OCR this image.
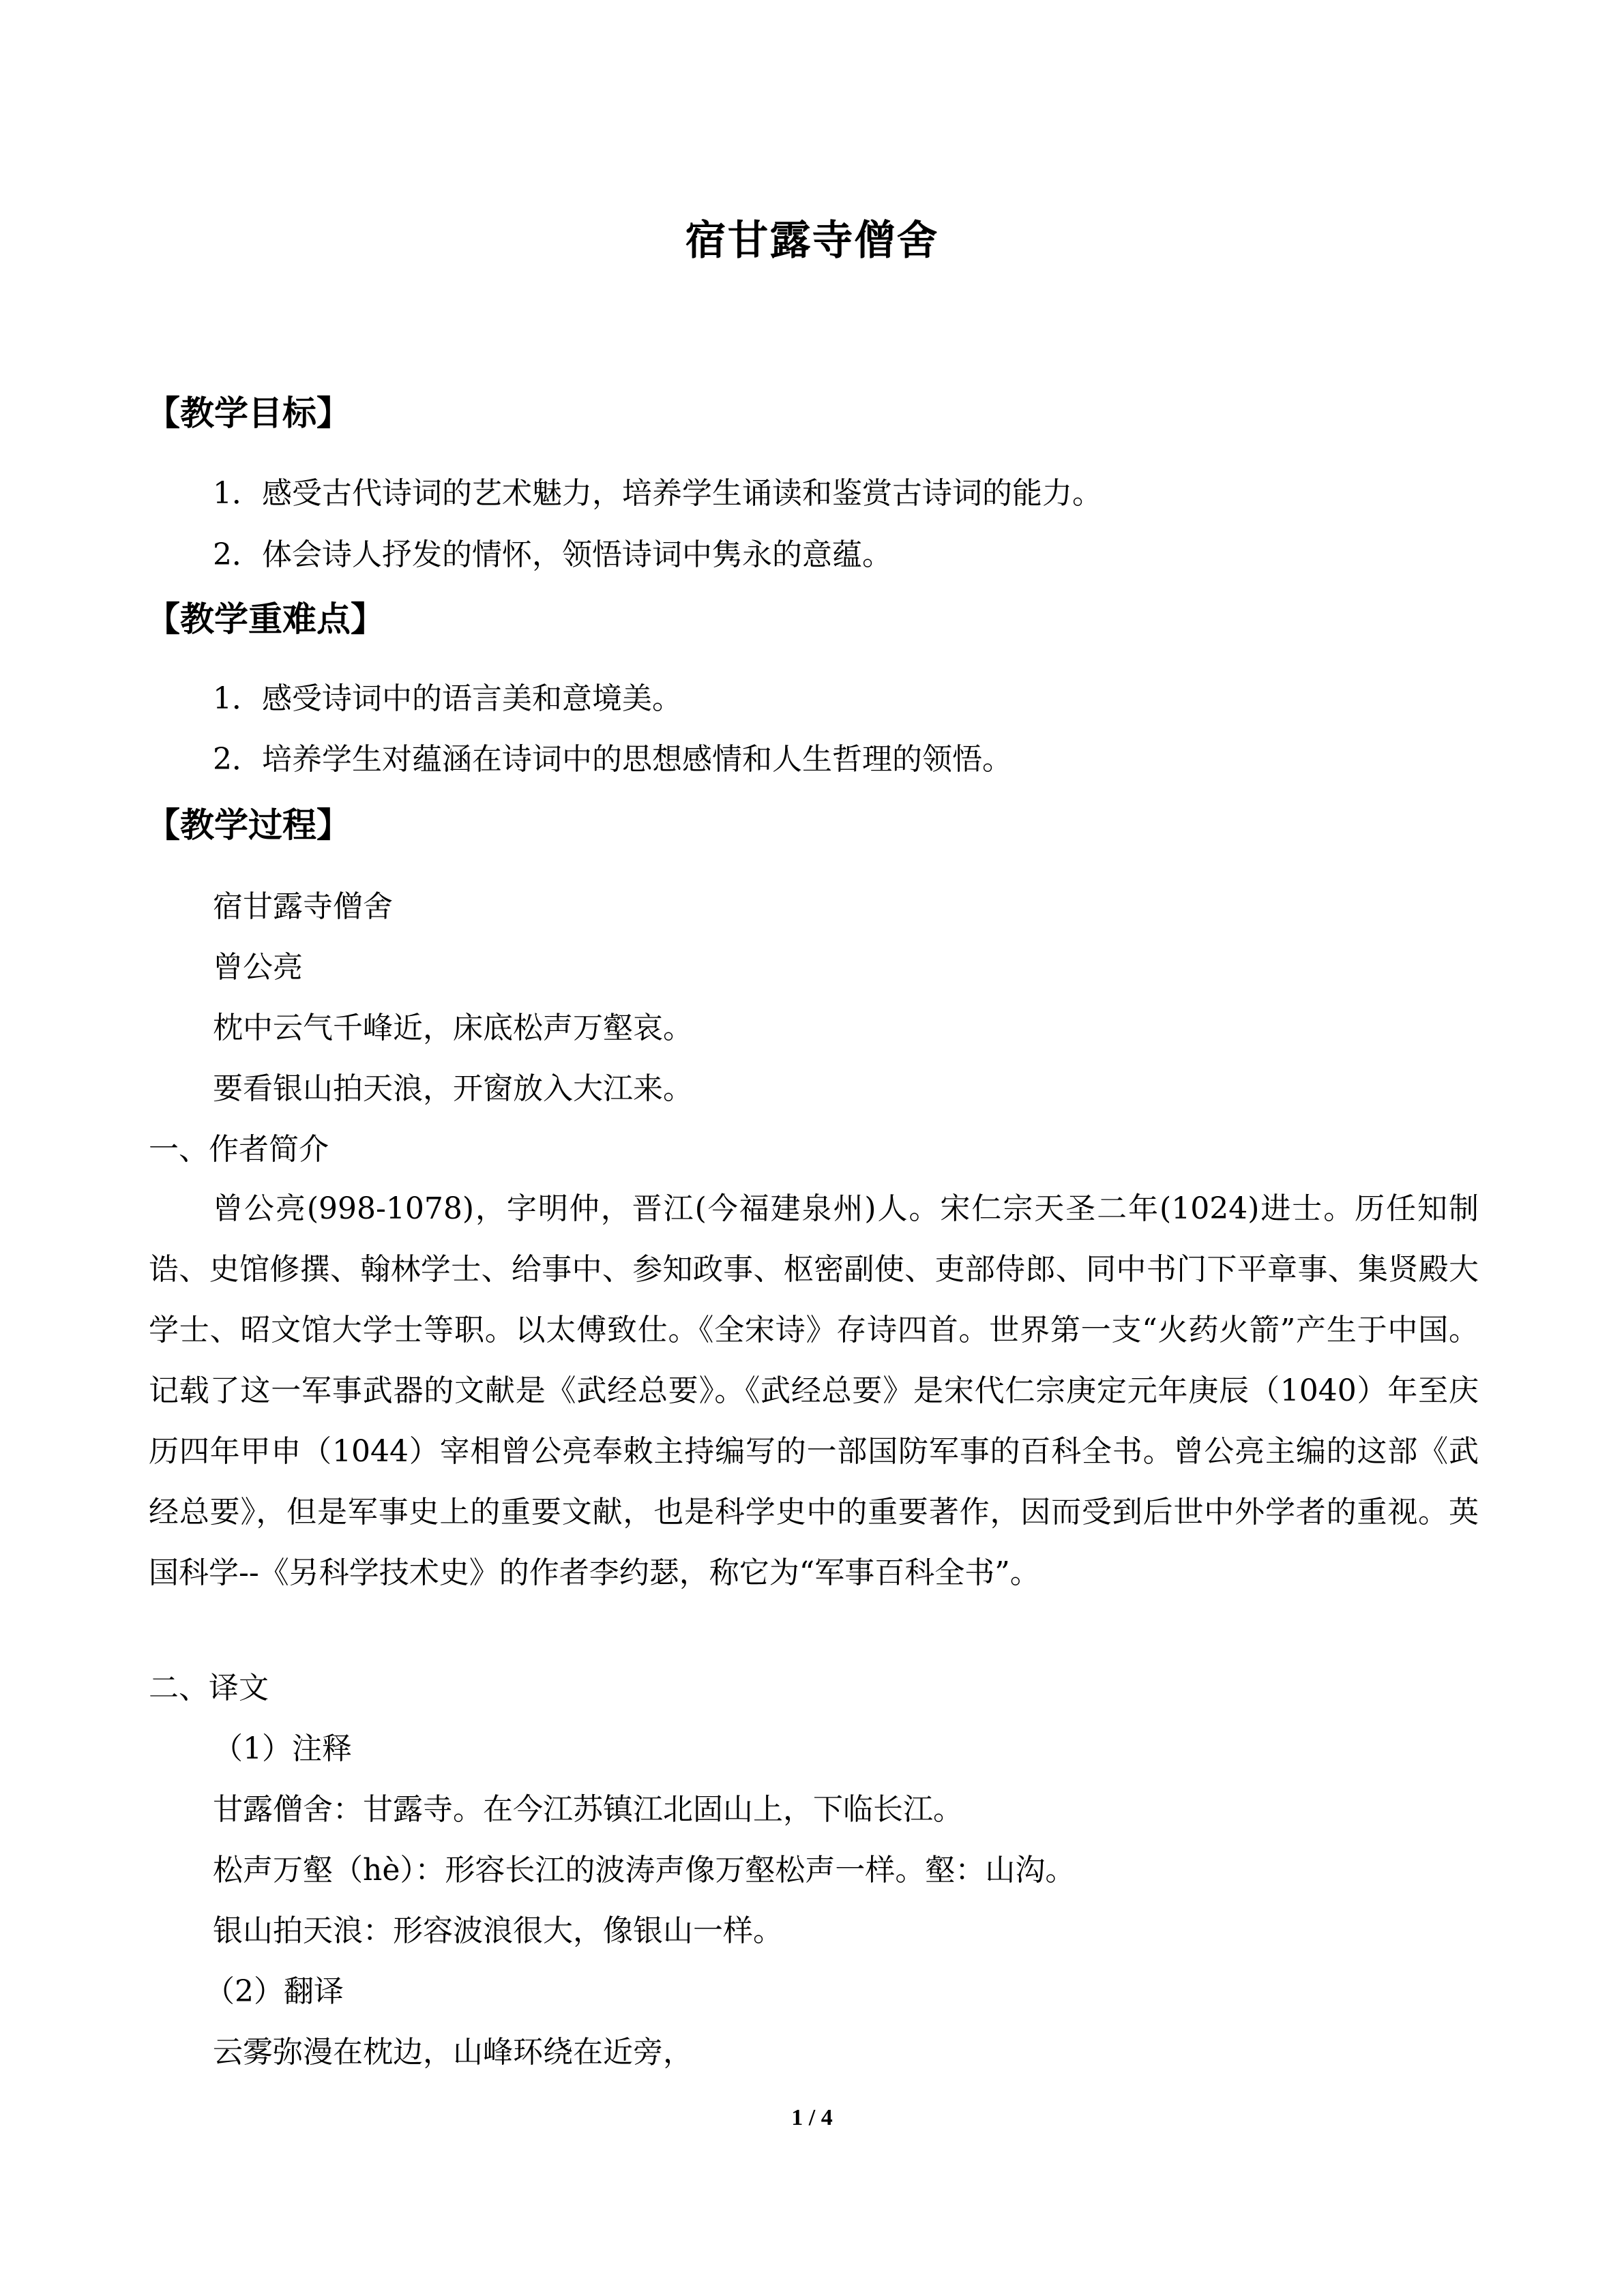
宿甘露寺僧舍
【教学目标】
1．感受古代诗词的艺术魅力，培养学生诵读和鉴赏古诗词的能力。
2．体会诗人抒发的情怀，领悟诗词中隽永的意蕴。
【教学重难点】
1．感受诗词中的语言美和意境美。
2．培养学生对蕴涵在诗词中的思想感情和人生哲理的领悟。
【教学过程】
宿甘露寺僧舍
曾公亮
枕中云气千峰近，床底松声万壑哀。
要看银山拍天浪，开窗放入大江来。
一、作者简介
曾公亮(998-1078)，字明仲，晋江(今福建泉州)人。宋仁宗天圣二年(1024)进士。历任知制诰、史馆修撰、翰林学士、给事中、参知政事、枢密副使、吏部侍郎、同中书门下平章事、集贤殿大学士、昭文馆大学士等职。以太傅致仕。《全宋诗》存诗四首。世界第一支“火药火箭”产生于中国。记载了这一军事武器的文献是《武经总要》。《武经总要》是宋代仁宗庚定元年庚辰（1040）年至庆历四年甲申（1044）宰相曾公亮奉敕主持编写的一部国防军事的百科全书。曾公亮主编的这部《武经总要》，但是军事史上的重要文献，也是科学史中的重要著作，因而受到后世中外学者的重视。英国科学--《另科学技术史》的作者李约瑟，称它为“军事百科全书”。
二、译文
（1）注释
甘露僧舍：甘露寺。在今江苏镇江北固山上，下临长江。
松声万壑（hè）：形容长江的波涛声像万壑松声一样。壑：山沟。
银山拍天浪：形容波浪很大，像银山一样。
（2）翻译
云雾弥漫在枕边，山峰环绕在近旁，
1 / 4
